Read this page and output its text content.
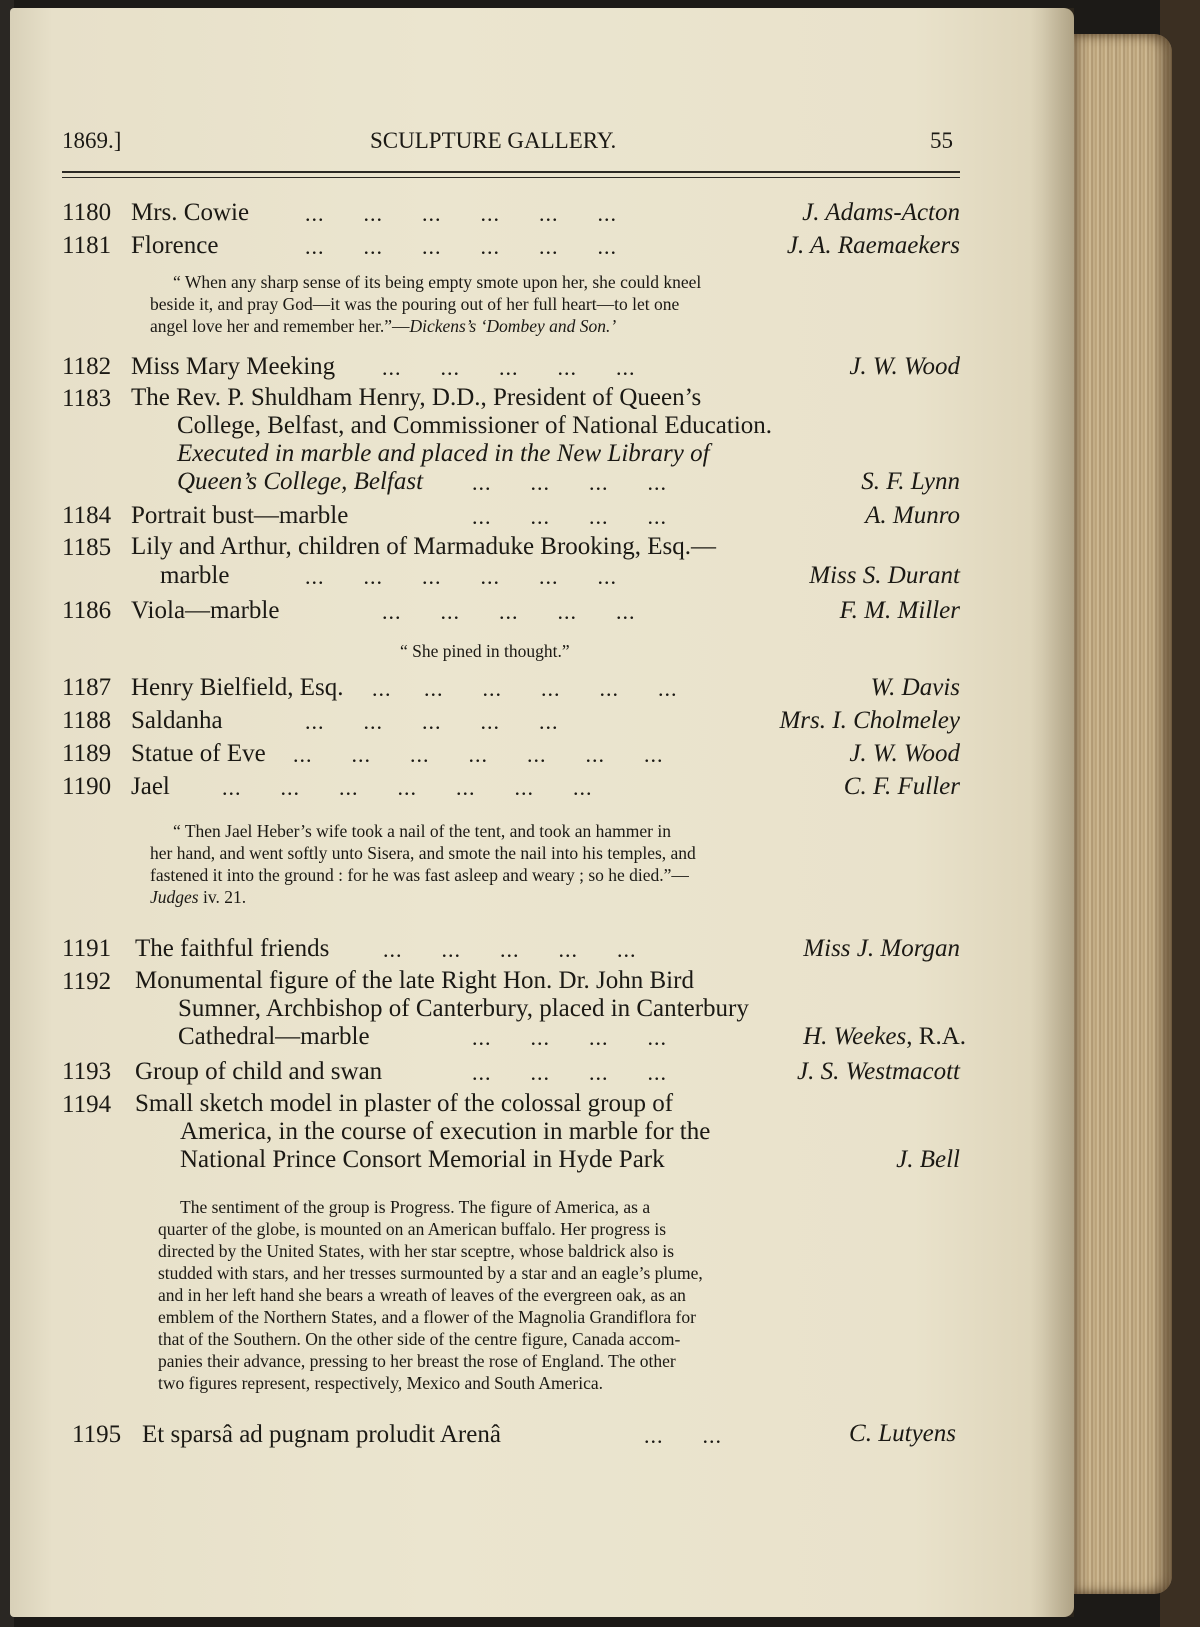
1869.]	SCULPTURE GALLERY.	55
1180 Mrs. Cowie	...      ...      ...      ...      ...      ...	J. Adams-Acton
1181 Florence	...      ...      ...      ...      ...      ...	J. A. Raemaekers
“ When any sharp sense of its being empty smote upon her, she could kneel
beside it, and pray God—it was the pouring out of her full heart—to let one
angel love her and remember her.”—Dickens’s ‘Dombey and Son.’
1182 Miss Mary Meeking ...      ...      ...      ...      ...	J. W. Wood
1183 The Rev. P. Shuldham Henry, D.D., President of Queen’s
College, Belfast, and Commissioner of National Education.
Executed in marble and placed in the New Library of
Queen’s College, Belfast	...      ...      ...      ...	S. F. Lynn
1184 Portrait bust—marble	...      ...      ...      ...	A. Munro
1185 Lily and Arthur, children of Marmaduke Brooking, Esq.—
marble	...      ...      ...      ...      ...      ...	Miss S. Durant
1186 Viola—marble	...      ...      ...      ...      ...	F. M. Miller
“ She pined in thought.”
1187 Henry Bielfield, Esq. ...     ...      ...      ...      ...      ...	W. Davis
1188 Saldanha	...      ...      ...      ...      ...	Mrs. I. Cholmeley
1189 Statue of Eve ...      ...      ...      ...      ...      ...      ...	J. W. Wood
1190 Jael ...      ...      ...      ...      ...      ...      ...	C. F. Fuller
“ Then Jael Heber’s wife took a nail of the tent, and took an hammer in
her hand, and went softly unto Sisera, and smote the nail into his temples, and
fastened it into the ground : for he was fast asleep and weary ; so he died.”—
Judges iv. 21.
1191 The faithful friends ...      ...      ...      ...      ...	Miss J. Morgan
1192 Monumental figure of the late Right Hon. Dr. John Bird
Sumner, Archbishop of Canterbury, placed in Canterbury
Cathedral—marble	...      ...      ...      ...	H. Weekes, R.A.
1193 Group of child and swan	...      ...      ...      ...	J. S. Westmacott
1194 Small sketch model in plaster of the colossal group of
America, in the course of execution in marble for the
National Prince Consort Memorial in Hyde Park	J. Bell
The sentiment of the group is Progress. The figure of America, as a
quarter of the globe, is mounted on an American buffalo. Her progress is
directed by the United States, with her star sceptre, whose baldrick also is
studded with stars, and her tresses surmounted by a star and an eagle’s plume,
and in her left hand she bears a wreath of leaves of the evergreen oak, as an
emblem of the Northern States, and a flower of the Magnolia Grandiflora for
that of the Southern. On the other side of the centre figure, Canada accom-
panies their advance, pressing to her breast the rose of England. The other
two figures represent, respectively, Mexico and South America.
1195 Et sparsâ ad pugnam proludit Arenâ	...      ...	C. Lutyens
